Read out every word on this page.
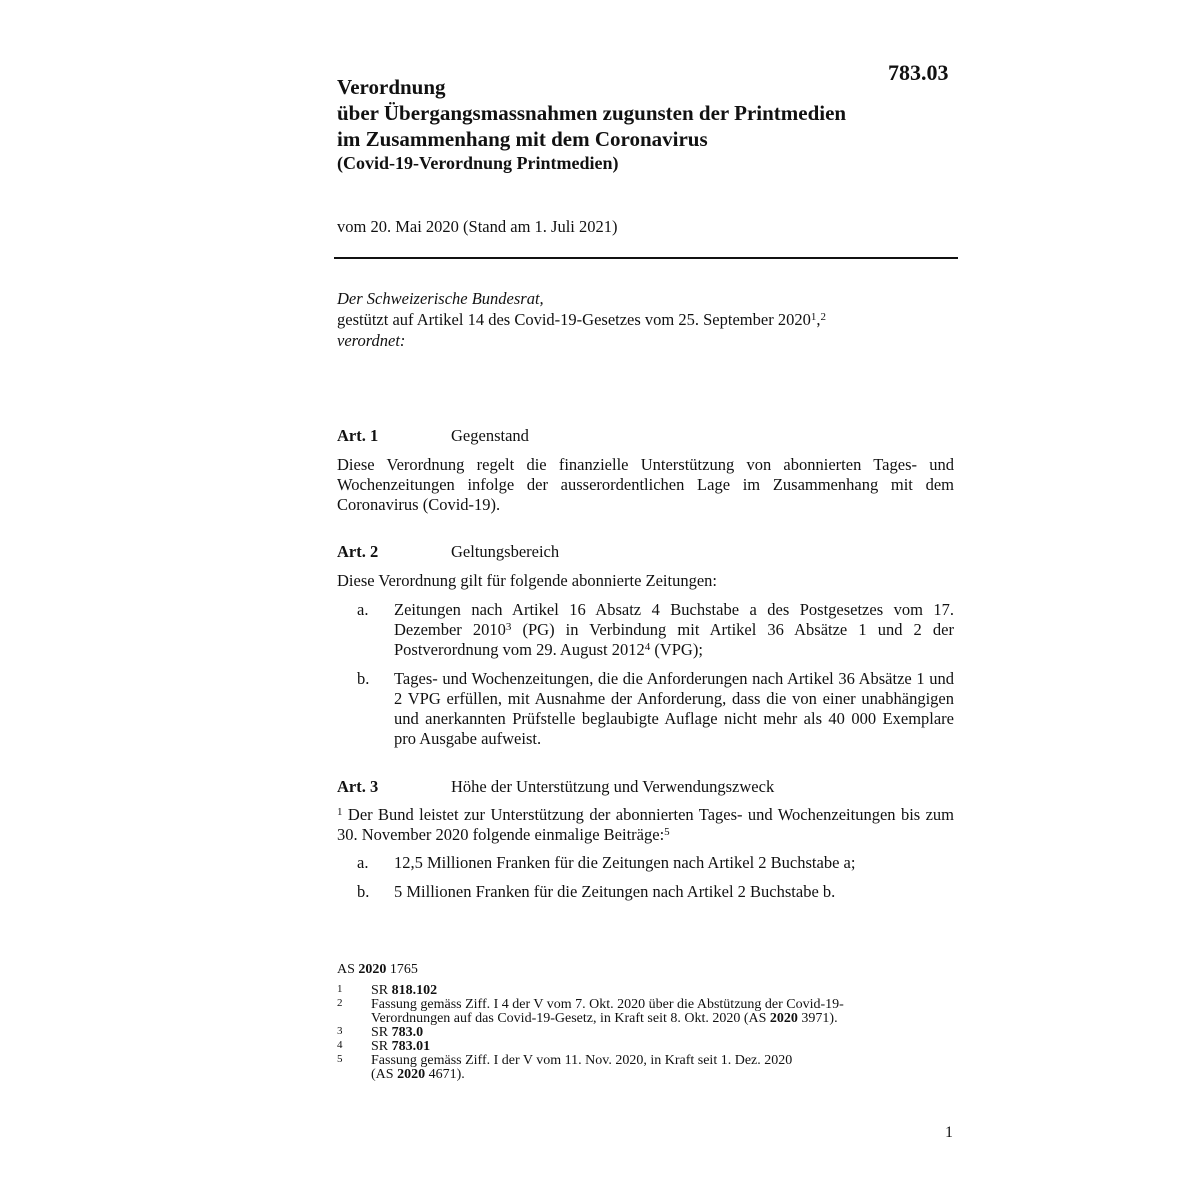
783.03
Verordnung
über Übergangsmassnahmen zugunsten der Printmedien
im Zusammenhang mit dem Coronavirus
(Covid-19-Verordnung Printmedien)
vom 20. Mai 2020 (Stand am 1. Juli 2021)
Der Schweizerische Bundesrat,
gestützt auf Artikel 14 des Covid-19-Gesetzes vom 25. September 2020$^1$,$^2$
verordnet:
Art. 1	Gegenstand
Diese Verordnung regelt die finanzielle Unterstützung von abonnierten Tages- und Wochenzeitungen infolge der ausserordentlichen Lage im Zusammenhang mit dem Coronavirus (Covid-19).
Art. 2	Geltungsbereich
Diese Verordnung gilt für folgende abonnierte Zeitungen:
a.	Zeitungen nach Artikel 16 Absatz 4 Buchstabe a des Postgesetzes vom 17. Dezember 2010$^3$ (PG) in Verbindung mit Artikel 36 Absätze 1 und 2 der Postverordnung vom 29. August 2012$^4$ (VPG);
b.	Tages- und Wochenzeitungen, die die Anforderungen nach Artikel 36 Absätze 1 und 2 VPG erfüllen, mit Ausnahme der Anforderung, dass die von einer unabhängigen und anerkannten Prüfstelle beglaubigte Auflage nicht mehr als 40 000 Exemplare pro Ausgabe aufweist.
Art. 3	Höhe der Unterstützung und Verwendungszweck
$^1$ Der Bund leistet zur Unterstützung der abonnierten Tages- und Wochenzeitungen bis zum 30. November 2020 folgende einmalige Beiträge:$^5$
a.	12,5 Millionen Franken für die Zeitungen nach Artikel 2 Buchstabe a;
b.	5 Millionen Franken für die Zeitungen nach Artikel 2 Buchstabe b.
AS 2020 1765
1 SR 818.102
2 Fassung gemäss Ziff. I 4 der V vom 7. Okt. 2020 über die Abstützung der Covid-19-
Verordnungen auf das Covid-19-Gesetz, in Kraft seit 8. Okt. 2020 (AS 2020 3971).
3 SR 783.0
4 SR 783.01
5 Fassung gemäss Ziff. I der V vom 11. Nov. 2020, in Kraft seit 1. Dez. 2020
(AS 2020 4671).
1
